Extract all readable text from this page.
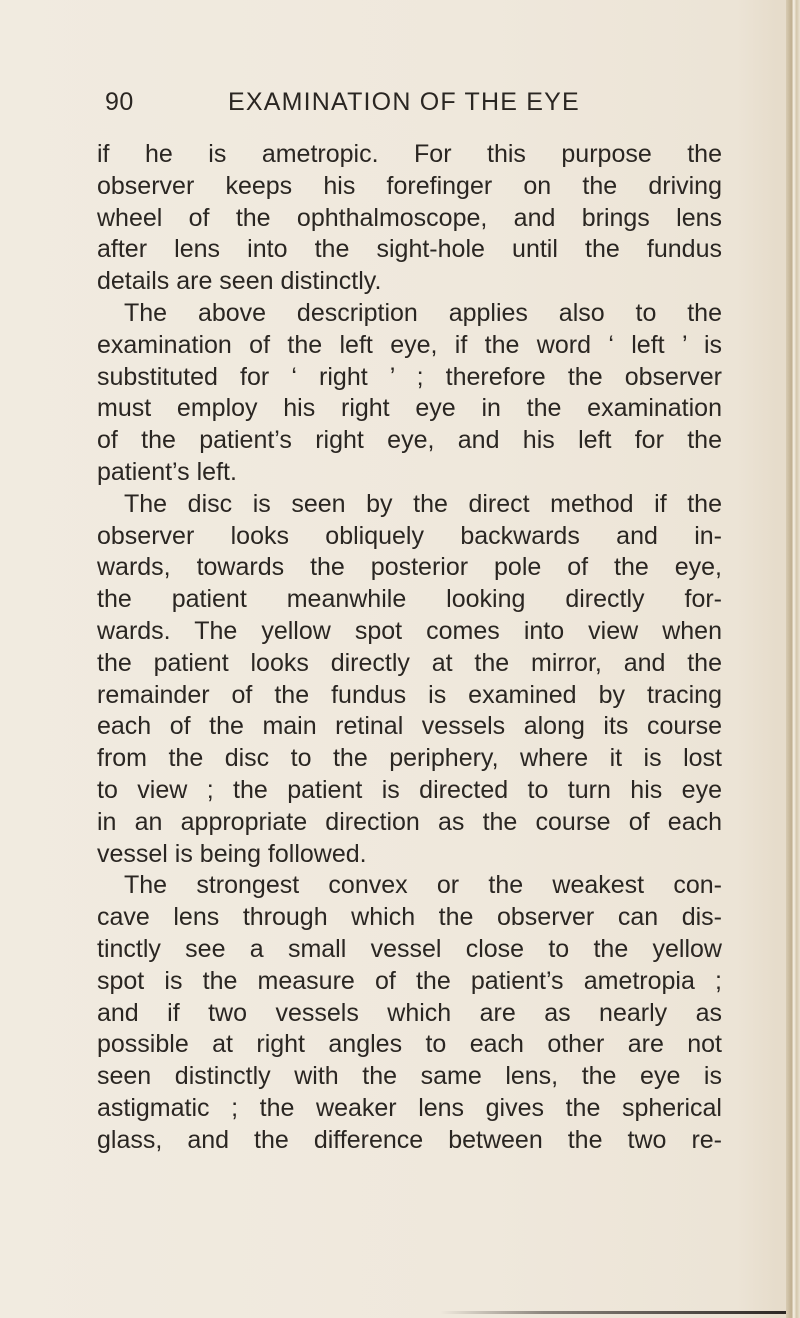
90	EXAMINATION OF THE EYE
if he is ametropic. For this purpose the
observer keeps his forefinger on the driving
wheel of the ophthalmoscope, and brings lens
after lens into the sight-hole until the fundus
details are seen distinctly.
The above description applies also to the
examination of the left eye, if the word ‘ left ’ is
substituted for ‘ right ’ ; therefore the observer
must employ his right eye in the examination
of the patient’s right eye, and his left for the
patient’s left.
The disc is seen by the direct method if the
observer looks obliquely backwards and in-
wards, towards the posterior pole of the eye,
the patient meanwhile looking directly for-
wards. The yellow spot comes into view when
the patient looks directly at the mirror, and the
remainder of the fundus is examined by tracing
each of the main retinal vessels along its course
from the disc to the periphery, where it is lost
to view ; the patient is directed to turn his eye
in an appropriate direction as the course of each
vessel is being followed.
The strongest convex or the weakest con-
cave lens through which the observer can dis-
tinctly see a small vessel close to the yellow
spot is the measure of the patient’s ametropia ;
and if two vessels which are as nearly as
possible at right angles to each other are not
seen distinctly with the same lens, the eye is
astigmatic ; the weaker lens gives the spherical
glass, and the difference between the two re-
